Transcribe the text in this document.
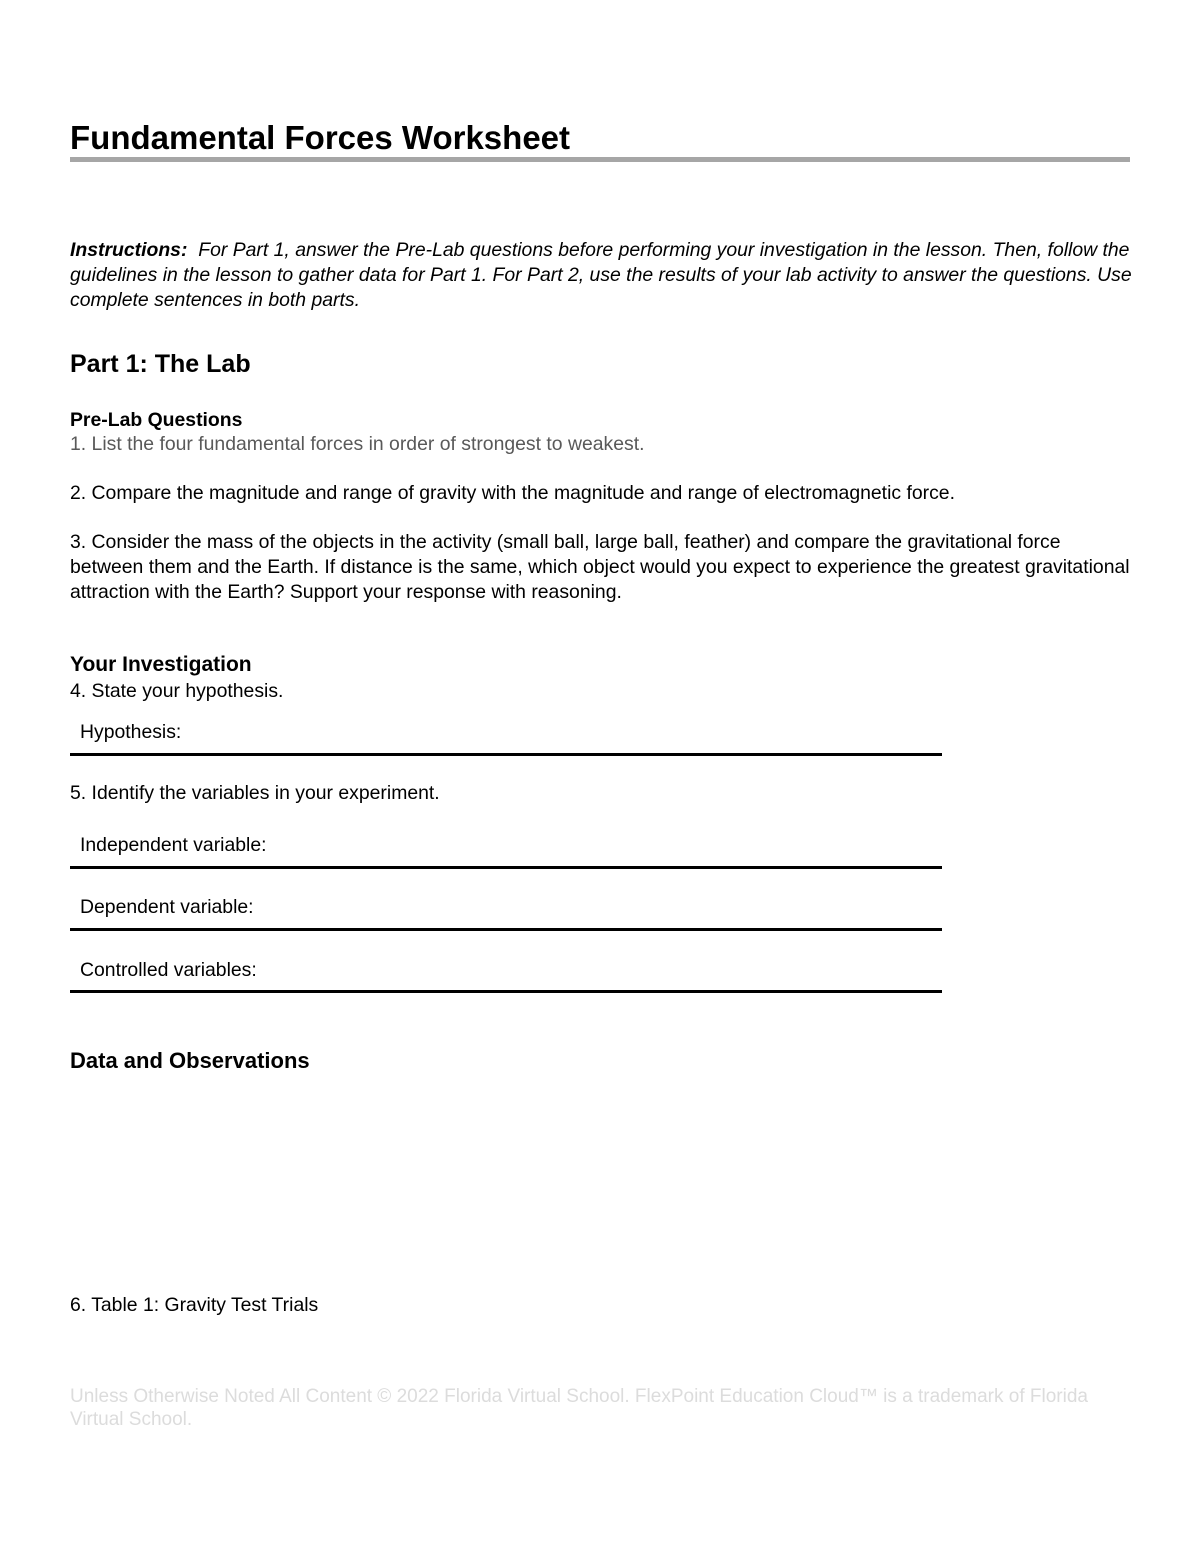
Fundamental Forces Worksheet

Instructions: For Part 1, answer the Pre-Lab questions before performing your investigation in the lesson. Then, follow the guidelines in the lesson to gather data for Part 1. For Part 2, use the results of your lab activity to answer the questions. Use complete sentences in both parts.

Part 1: The Lab
Pre-Lab Questions

1. List the four fundamental forces in order of strongest to weakest.

2. Compare the magnitude and range of gravity with the magnitude and range of electromagnetic force.

3. Consider the mass of the objects in the activity (small ball, large ball, feather) and compare the gravitational force between them and the Earth. If distance is the same, which object would you expect to experience the greatest gravitational attraction with the Earth? Support your response with reasoning.

Your Investigation

4. State your hypothesis.

Hypothesis:

5. Identify the variables in your experiment.

Independent variable:

Dependent variable:

Controlled variables:

Data and Observations

6. Table 1: Gravity Test Trials

Unless Otherwise Noted All Content © 2022 Florida Virtual School. FlexPoint Education Cloud™ is a trademark of Florida Virtual School.
